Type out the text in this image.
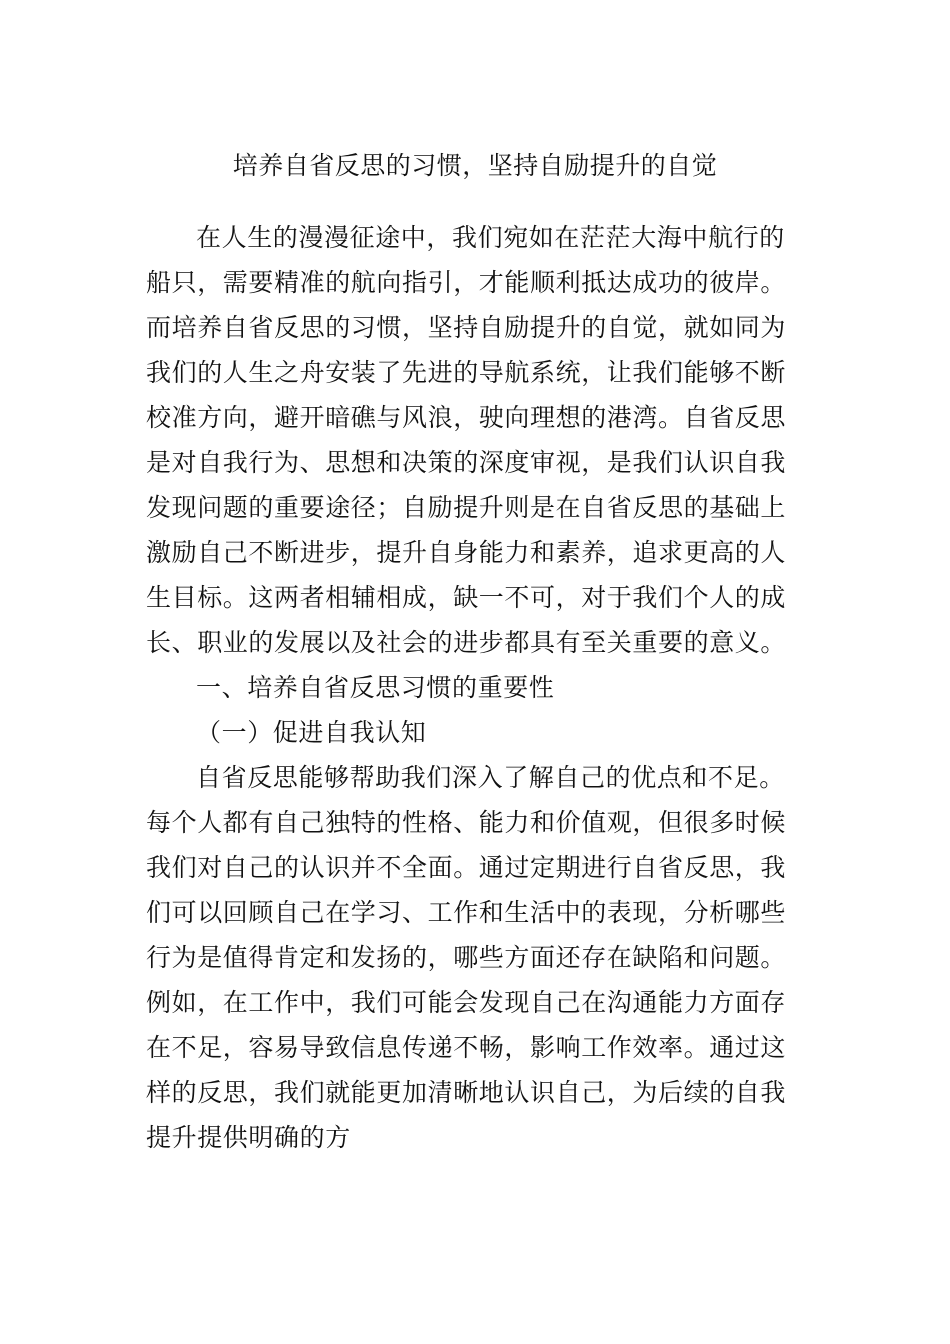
培养自省反思的习惯，坚持自励提升的自觉
在人生的漫漫征途中，我们宛如在茫茫大海中航行的
船只，需要精准的航向指引，才能顺利抵达成功的彼岸。
而培养自省反思的习惯，坚持自励提升的自觉，就如同为
我们的人生之舟安装了先进的导航系统，让我们能够不断
校准方向，避开暗礁与风浪，驶向理想的港湾。自省反思
是对自我行为、思想和决策的深度审视，是我们认识自我
发现问题的重要途径；自励提升则是在自省反思的基础上
激励自己不断进步，提升自身能力和素养，追求更高的人
生目标。这两者相辅相成，缺一不可，对于我们个人的成
长、职业的发展以及社会的进步都具有至关重要的意义。
一、培养自省反思习惯的重要性
（一）促进自我认知
自省反思能够帮助我们深入了解自己的优点和不足。
每个人都有自己独特的性格、能力和价值观，但很多时候
我们对自己的认识并不全面。通过定期进行自省反思，我
们可以回顾自己在学习、工作和生活中的表现，分析哪些
行为是值得肯定和发扬的，哪些方面还存在缺陷和问题。
例如，在工作中，我们可能会发现自己在沟通能力方面存
在不足，容易导致信息传递不畅，影响工作效率。通过这
样的反思，我们就能更加清晰地认识自己，为后续的自我
提升提供明确的方
